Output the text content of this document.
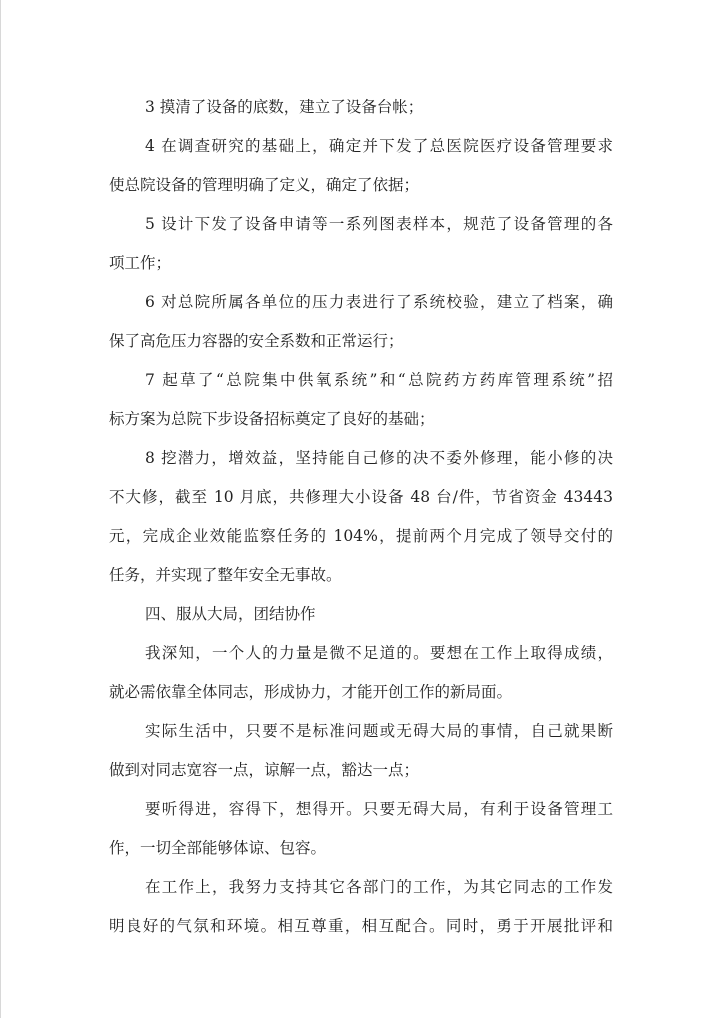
3 摸清了设备的底数，建立了设备台帐；
4 在调查研究的基础上，确定并下发了总医院医疗设备管理要求
使总院设备的管理明确了定义，确定了依据；
5 设计下发了设备申请等一系列图表样本，规范了设备管理的各
项工作；
6 对总院所属各单位的压力表进行了系统校验，建立了档案，确
保了高危压力容器的安全系数和正常运行；
7 起草了“总院集中供氧系统”和“总院药方药库管理系统”招
标方案为总院下步设备招标奠定了良好的基础；
8 挖潜力，增效益，坚持能自己修的决不委外修理，能小修的决
不大修，截至 10 月底，共修理大小设备 48 台/件，节省资金 43443
元，完成企业效能监察任务的 104%，提前两个月完成了领导交付的
任务，并实现了整年安全无事故。
四、服从大局，团结协作
我深知，一个人的力量是微不足道的。要想在工作上取得成绩，
就必需依靠全体同志，形成协力，才能开创工作的新局面。
实际生活中，只要不是标准问题或无碍大局的事情，自己就果断
做到对同志宽容一点，谅解一点，豁达一点；
要听得进，容得下，想得开。只要无碍大局，有利于设备管理工
作，一切全部能够体谅、包容。
在工作上，我努力支持其它各部门的工作，为其它同志的工作发
明良好的气氛和环境。相互尊重，相互配合。同时，勇于开展批评和
